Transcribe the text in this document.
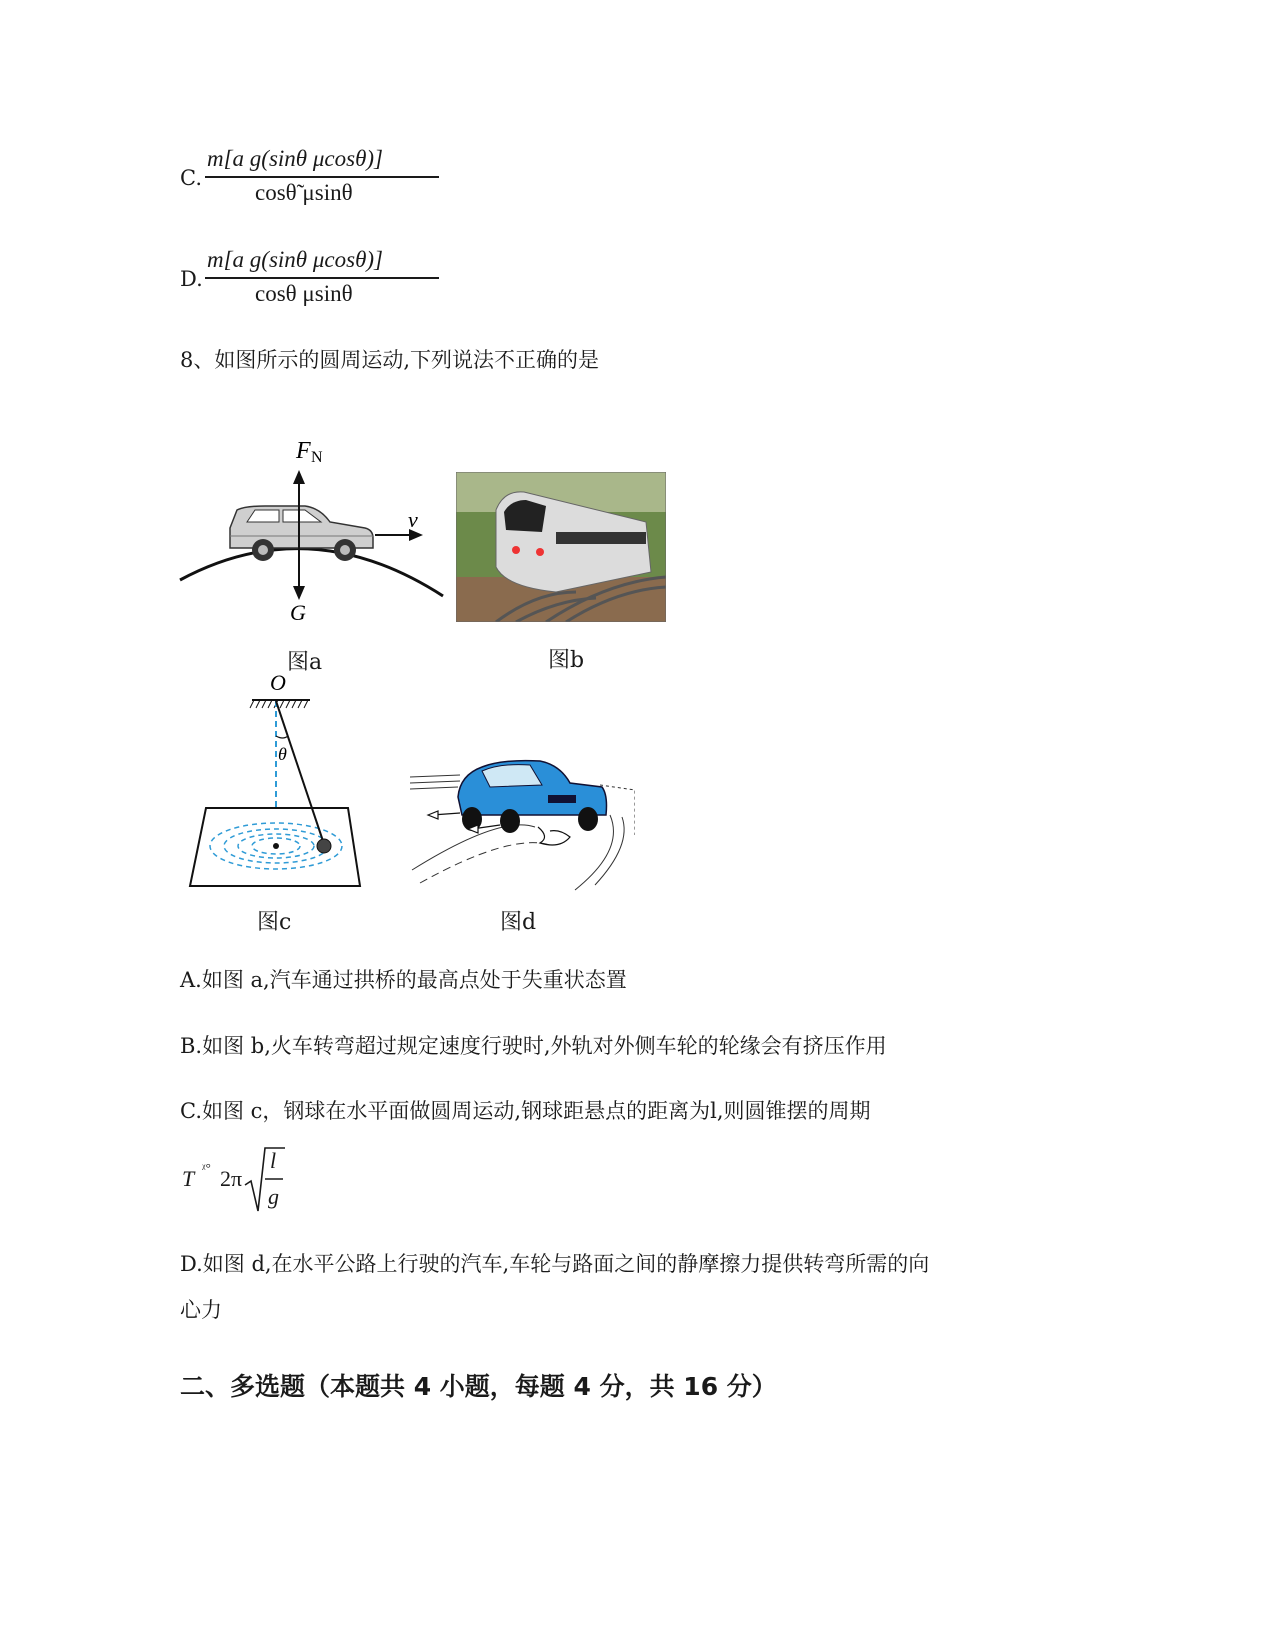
C.
m[a g(sinθ μcosθ)]
cosθ̃ μsinθ
D.
m[a g(sinθ μcosθ)]
cosθ μsinθ
8、如图所示的圆周运动,下列说法不正确的是
F N
v
G
图a	图b
O
θ
图c	图d
A.如图 a,汽车通过拱桥的最高点处于失重状态置
B.如图 b,火车转弯超过规定速度行驶时,外轨对外侧车轮的轮缘会有挤压作用
C.如图 c，钢球在水平面做圆周运动,钢球距悬点的距离为l,则圆锥摆的周期
T ᵡ° 2π
l
g
D.如图 d,在水平公路上行驶的汽车,车轮与路面之间的静摩擦力提供转弯所需的向
心力
二、多选题（本题共 4 小题，每题 4 分，共 16 分）
